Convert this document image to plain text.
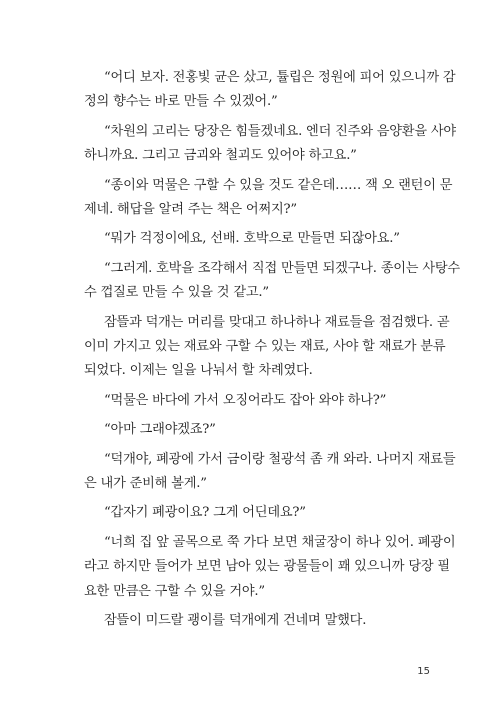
“어디 보자. 전홍빛 균은 샀고, 튤립은 정원에 피어 있으니까 감
정의 향수는 바로 만들 수 있겠어.”

“차원의 고리는 당장은 힘들겠네요. 엔더 진주와 음양환을 사야
하니까요. 그리고 금괴와 철괴도 있어야 하고요.”

“종이와 먹물은 구할 수 있을 것도 같은데…… 잭 오 랜턴이 문
제네. 해답을 알려 주는 책은 어쩌지?”

“뭐가 걱정이에요, 선배. 호박으로 만들면 되잖아요.”

“그러게. 호박을 조각해서 직접 만들면 되겠구나. 종이는 사탕수
수 껍질로 만들 수 있을 것 같고.”

잠뜰과 덕개는 머리를 맞대고 하나하나 재료들을 점검했다. 곧
이미 가지고 있는 재료와 구할 수 있는 재료, 사야 할 재료가 분류
되었다. 이제는 일을 나눠서 할 차례였다.

“먹물은 바다에 가서 오징어라도 잡아 와야 하나?”

“아마 그래야겠죠?”

“덕개야, 폐광에 가서 금이랑 철광석 좀 캐 와라. 나머지 재료들
은 내가 준비해 볼게.”

“갑자기 폐광이요? 그게 어딘데요?”

“너희 집 앞 골목으로 쭉 가다 보면 채굴장이 하나 있어. 폐광이
라고 하지만 들어가 보면 남아 있는 광물들이 꽤 있으니까 당장 필
요한 만큼은 구할 수 있을 거야.”

잠뜰이 미드랄 괭이를 덕개에게 건네며 말했다.

15
